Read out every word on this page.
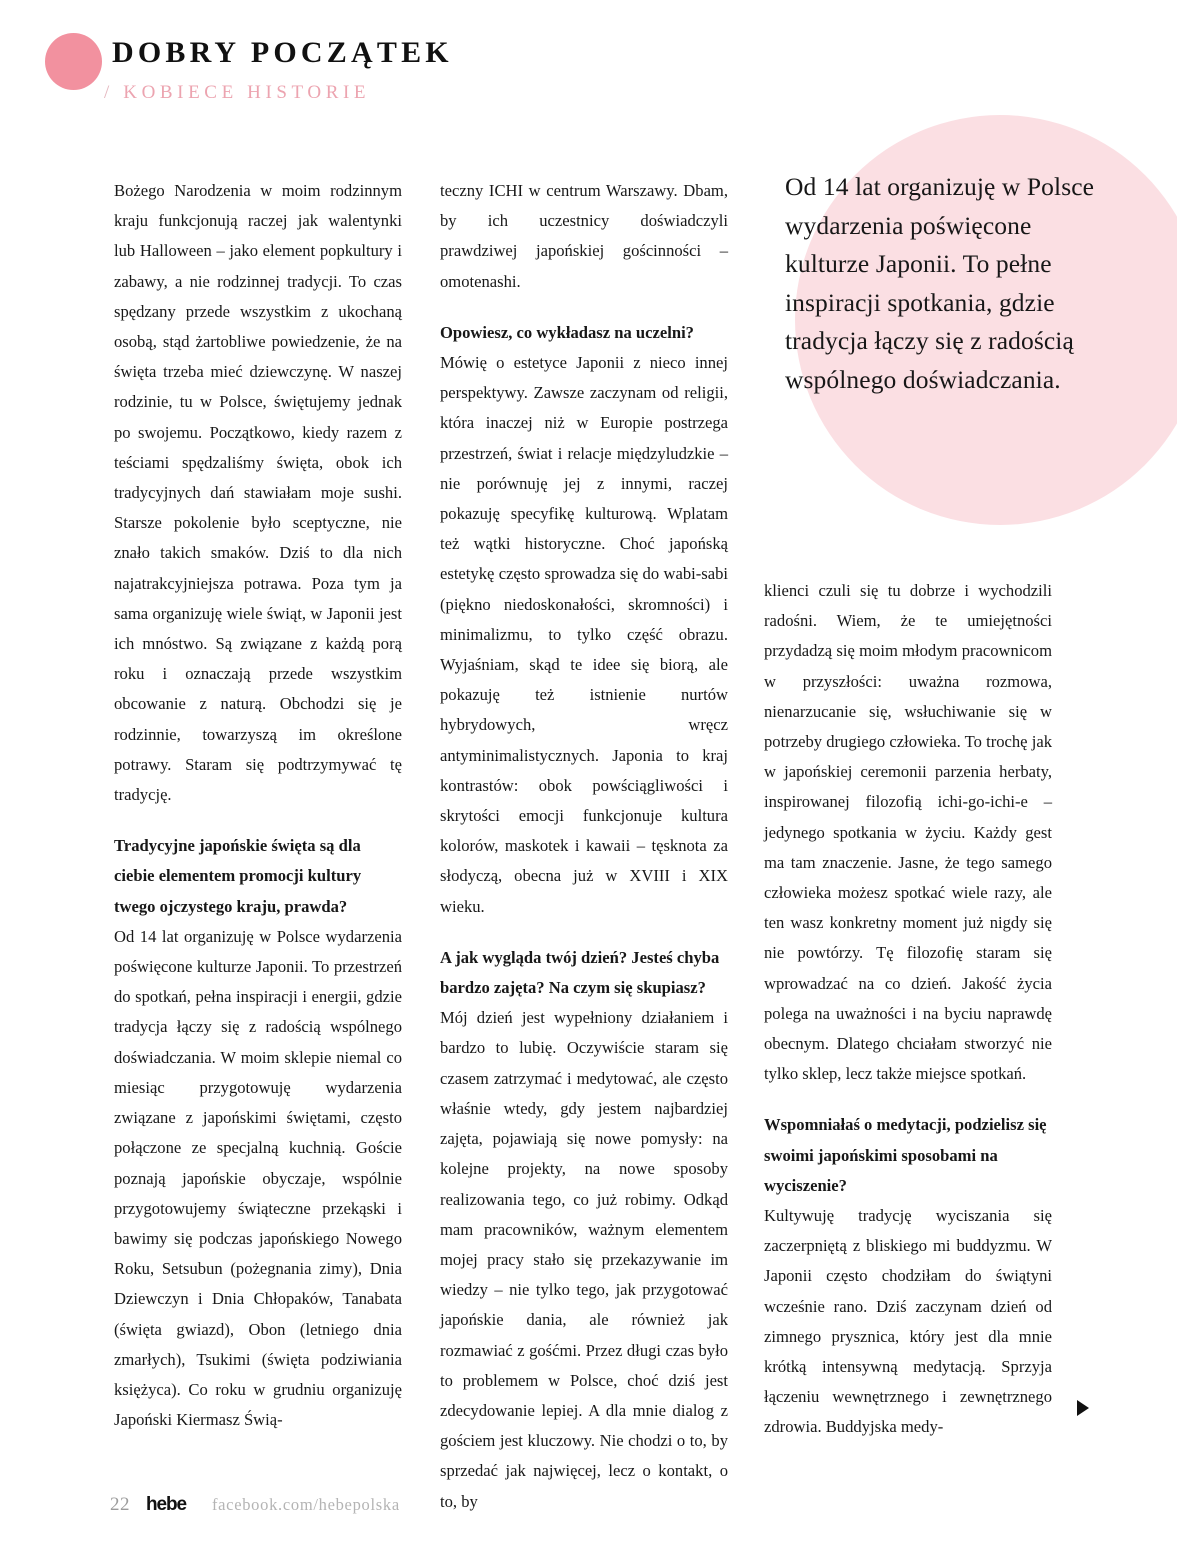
DOBRY POCZĄTEK
/ KOBIECE HISTORIE
Od 14 lat organizuję w Polsce wydarzenia poświęcone kulturze Japonii. To pełne inspiracji spotkania, gdzie tradycja łączy się z radością wspólnego doświadczania.

Bożego Narodzenia w moim rodzinnym kraju funkcjonują raczej jak walentynki lub Halloween – jako element popkultury i zabawy, a nie rodzinnej tradycji. To czas spędzany przede wszystkim z ukochaną osobą, stąd żartobliwe powiedzenie, że na święta trzeba mieć dziewczynę. W naszej rodzinie, tu w Polsce, świętujemy jednak po swojemu. Początkowo, kiedy razem z teściami spędzaliśmy święta, obok ich tradycyjnych dań stawiałam moje sushi. Starsze pokolenie było sceptyczne, nie znało takich smaków. Dziś to dla nich najatrakcyjniejsza potrawa. Poza tym ja sama organizuję wiele świąt, w Japonii jest ich mnóstwo. Są związane z każdą porą roku i oznaczają przede wszystkim obcowanie z naturą. Obchodzi się je rodzinnie, towarzyszą im określone potrawy. Staram się podtrzymywać tę tradycję.

Tradycyjne japońskie święta są dla ciebie elementem promocji kultury twego ojczystego kraju, prawda?

Od 14 lat organizuję w Polsce wydarzenia poświęcone kulturze Japonii. To przestrzeń do spotkań, pełna inspiracji i energii, gdzie tradycja łączy się z radością wspólnego doświadczania. W moim sklepie niemal co miesiąc przygotowuję wydarzenia związane z japońskimi świętami, często połączone ze specjalną kuchnią. Goście poznają japońskie obyczaje, wspólnie przygotowujemy świąteczne przekąski i bawimy się podczas japońskiego Nowego Roku, Setsubun (pożegnania zimy), Dnia Dziewczyn i Dnia Chłopaków, Tanabata (święta gwiazd), Obon (letniego dnia zmarłych), Tsukimi (święta podziwiania księżyca). Co roku w grudniu organizuję Japoński Kiermasz Świą-

teczny ICHI w centrum Warszawy. Dbam, by ich uczestnicy doświadczyli prawdziwej japońskiej gościnności – omotenashi.

Opowiesz, co wykładasz na uczelni?

Mówię o estetyce Japonii z nieco innej perspektywy. Zawsze zaczynam od religii, która inaczej niż w Europie postrzega przestrzeń, świat i relacje międzyludzkie – nie porównuję jej z innymi, raczej pokazuję specyfikę kulturową. Wplatam też wątki historyczne. Choć japońską estetykę często sprowadza się do wabi-sabi (piękno niedoskonałości, skromności) i minimalizmu, to tylko część obrazu. Wyjaśniam, skąd te idee się biorą, ale pokazuję też istnienie nurtów hybrydowych, wręcz antyminimalistycznych. Japonia to kraj kontrastów: obok powściągliwości i skrytości emocji funkcjonuje kultura kolorów, maskotek i kawaii – tęsknota za słodyczą, obecna już w XVIII i XIX wieku.

A jak wygląda twój dzień? Jesteś chyba bardzo zajęta? Na czym się skupiasz?

Mój dzień jest wypełniony działaniem i bardzo to lubię. Oczywiście staram się czasem zatrzymać i medytować, ale często właśnie wtedy, gdy jestem najbardziej zajęta, pojawiają się nowe pomysły: na kolejne projekty, na nowe sposoby realizowania tego, co już robimy. Odkąd mam pracowników, ważnym elementem mojej pracy stało się przekazywanie im wiedzy – nie tylko tego, jak przygotować japońskie dania, ale również jak rozmawiać z gośćmi. Przez długi czas było to problemem w Polsce, choć dziś jest zdecydowanie lepiej. A dla mnie dialog z gościem jest kluczowy. Nie chodzi o to, by sprzedać jak najwięcej, lecz o kontakt, o to, by

klienci czuli się tu dobrze i wychodzili radośni. Wiem, że te umiejętności przydadzą się moim młodym pracownicom w przyszłości: uważna rozmowa, nienarzucanie się, wsłuchiwanie się w potrzeby drugiego człowieka. To trochę jak w japońskiej ceremonii parzenia herbaty, inspirowanej filozofią ichi-go-ichi-e – jedynego spotkania w życiu. Każdy gest ma tam znaczenie. Jasne, że tego samego człowieka możesz spotkać wiele razy, ale ten wasz konkretny moment już nigdy się nie powtórzy. Tę filozofię staram się wprowadzać na co dzień. Jakość życia polega na uważności i na byciu naprawdę obecnym. Dlatego chciałam stworzyć nie tylko sklep, lecz także miejsce spotkań.

Wspomniałaś o medytacji, podzielisz się swoimi japońskimi sposobami na wyciszenie?

Kultywuję tradycję wyciszania się zaczerpniętą z bliskiego mi buddyzmu. W Japonii często chodziłam do świątyni wcześnie rano. Dziś zaczynam dzień od zimnego prysznica, który jest dla mnie krótką intensywną medytacją. Sprzyja łączeniu wewnętrznego i zewnętrznego zdrowia. Buddyjska medy-

22 hebe facebook.com/hebepolska
